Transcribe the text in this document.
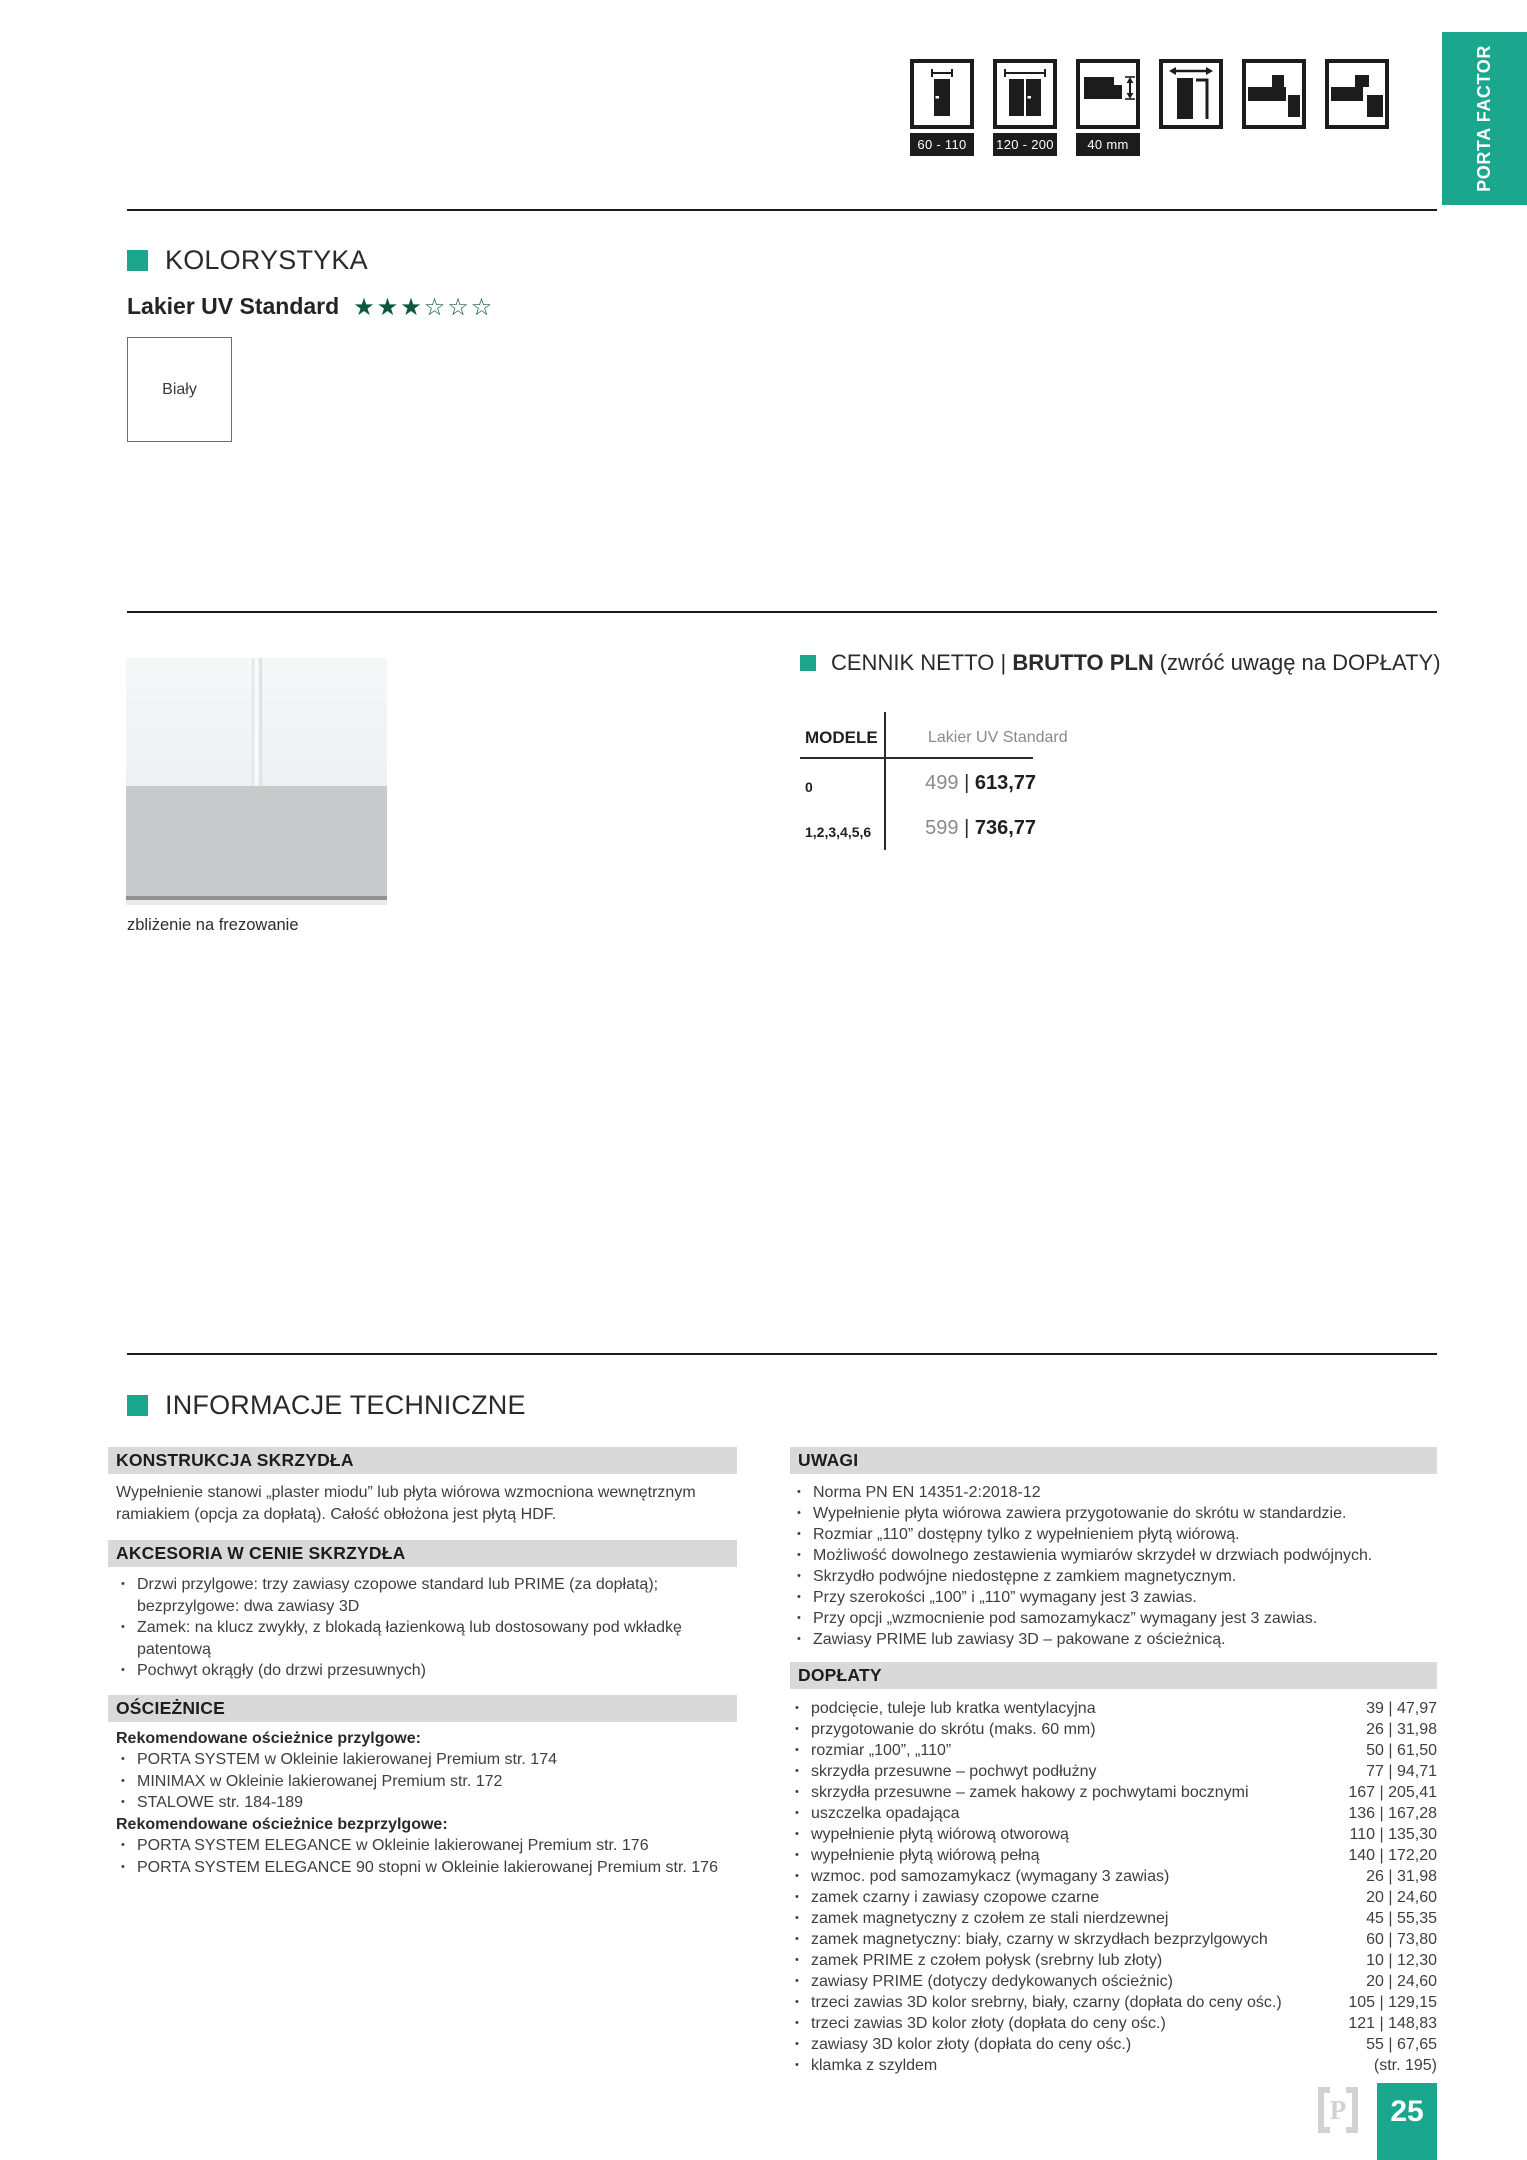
60 - 110	120 - 200	40 mm	PORTA FACTOR
KOLORYSTYKA
Lakier UV Standard ★★★☆☆☆
Biały
zbliżenie na frezowanie
CENNIK NETTO | BRUTTO PLN (zwróć uwagę na DOPŁATY)
MODELE	Lakier UV Standard
0	499 | 613,77
1,2,3,4,5,6	599 | 736,77
INFORMACJE TECHNICZNE
KONSTRUKCJA SKRZYDŁA
Wypełnienie stanowi „plaster miodu” lub płyta wiórowa wzmocniona wewnętrznym ramiakiem (opcja za dopłatą). Całość obłożona jest płytą HDF.
AKCESORIA W CENIE SKRZYDŁA
• Drzwi przylgowe: trzy zawiasy czopowe standard lub PRIME (za dopłatą); bezprzylgowe: dwa zawiasy 3D
• Zamek: na klucz zwykły, z blokadą łazienkową lub dostosowany pod wkładkę patentową
• Pochwyt okrągły (do drzwi przesuwnych)
OŚCIEŻNICE
Rekomendowane ościeżnice przylgowe:
• PORTA SYSTEM w Okleinie lakierowanej Premium str. 174
• MINIMAX w Okleinie lakierowanej Premium str. 172
• STALOWE str. 184-189
Rekomendowane ościeżnice bezprzylgowe:
• PORTA SYSTEM ELEGANCE w Okleinie lakierowanej Premium str. 176
• PORTA SYSTEM ELEGANCE 90 stopni w Okleinie lakierowanej Premium str. 176
UWAGI
• Norma PN EN 14351-2:2018-12
• Wypełnienie płyta wiórowa zawiera przygotowanie do skrótu w standardzie.
• Rozmiar „110” dostępny tylko z wypełnieniem płytą wiórową.
• Możliwość dowolnego zestawienia wymiarów skrzydeł w drzwiach podwójnych.
• Skrzydło podwójne niedostępne z zamkiem magnetycznym.
• Przy szerokości „100” i „110” wymagany jest 3 zawias.
• Przy opcji „wzmocnienie pod samozamykacz” wymagany jest 3 zawias.
• Zawiasy PRIME lub zawiasy 3D – pakowane z ościeżnicą.
DOPŁATY
• podcięcie, tuleje lub kratka wentylacyjna	39 | 47,97
• przygotowanie do skrótu (maks. 60 mm)	26 | 31,98
• rozmiar „100”, „110”	50 | 61,50
• skrzydła przesuwne – pochwyt podłużny	77 | 94,71
• skrzydła przesuwne – zamek hakowy z pochwytami bocznymi	167 | 205,41
• uszczelka opadająca	136 | 167,28
• wypełnienie płytą wiórową otworową	110 | 135,30
• wypełnienie płytą wiórową pełną	140 | 172,20
• wzmoc. pod samozamykacz (wymagany 3 zawias)	26 | 31,98
• zamek czarny i zawiasy czopowe czarne	20 | 24,60
• zamek magnetyczny z czołem ze stali nierdzewnej	45 | 55,35
• zamek magnetyczny: biały, czarny w skrzydłach bezprzylgowych	60 | 73,80
• zamek PRIME z czołem połysk (srebrny lub złoty)	10 | 12,30
• zawiasy PRIME (dotyczy dedykowanych ościeżnic)	20 | 24,60
• trzeci zawias 3D kolor srebrny, biały, czarny (dopłata do ceny ośc.)	105 | 129,15
• trzeci zawias 3D kolor złoty (dopłata do ceny ośc.)	121 | 148,83
• zawiasy 3D kolor złoty (dopłata do ceny ośc.)	55 | 67,65
• klamka z szyldem	(str. 195)
P	25
